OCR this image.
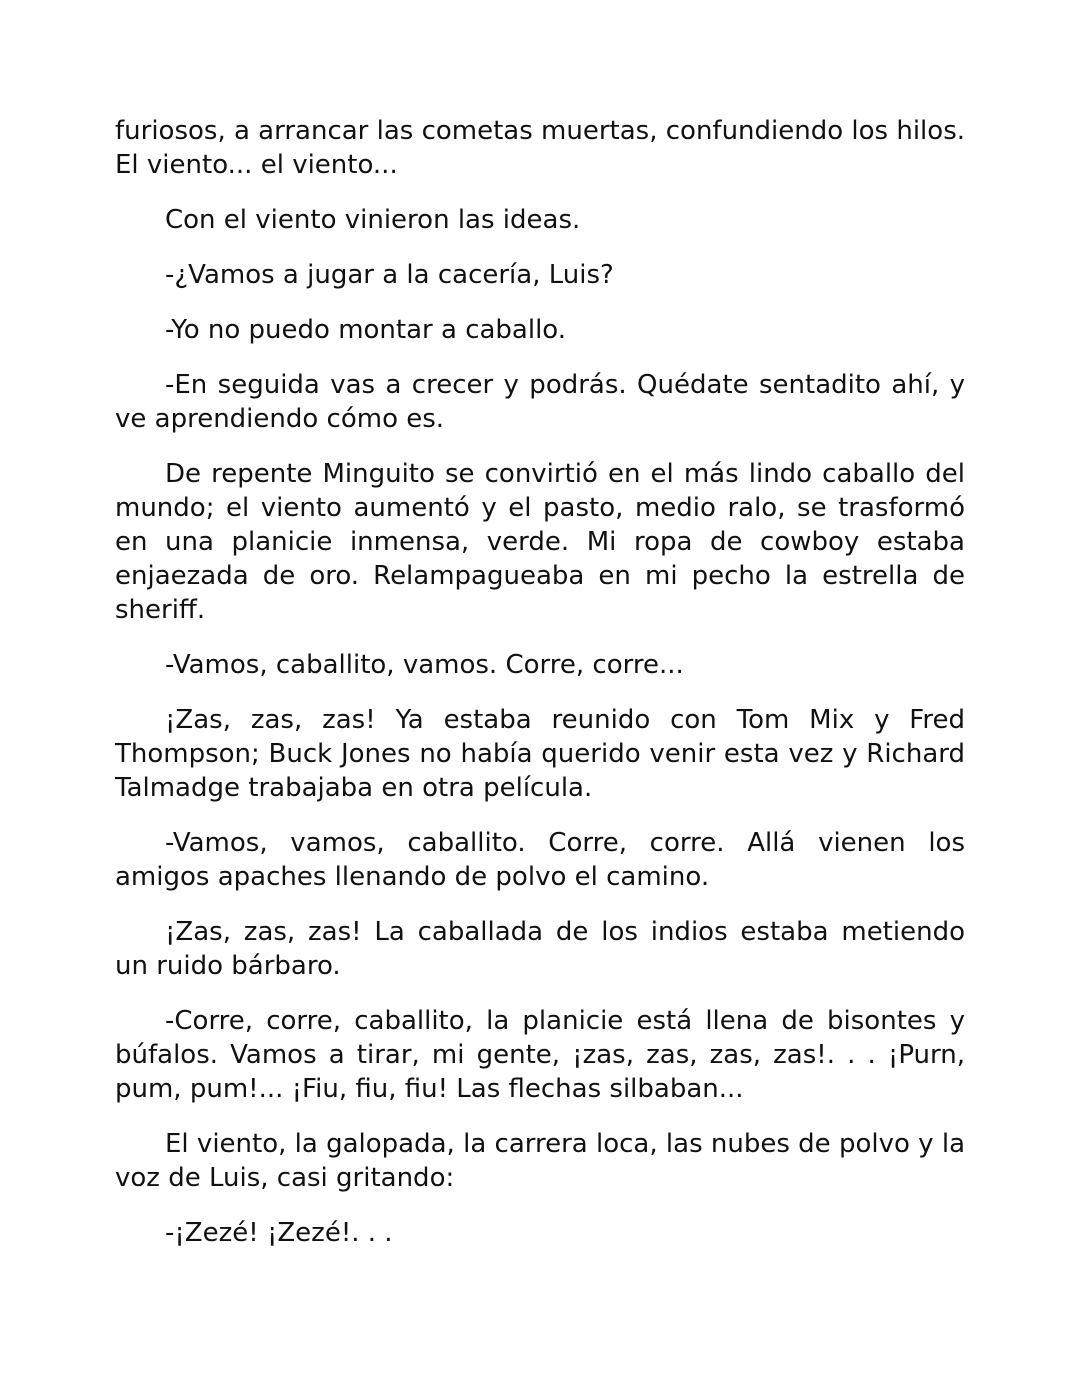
furiosos, a arrancar las cometas muertas, confundiendo los hilos. El viento... el viento...

Con el viento vinieron las ideas.

-¿Vamos a jugar a la cacería, Luis?

-Yo no puedo montar a caballo.

-En seguida vas a crecer y podrás. Quédate sentadito ahí, y ve aprendiendo cómo es.

De repente Minguito se convirtió en el más lindo caballo del mundo; el viento aumentó y el pasto, medio ralo, se trasformó en una planicie inmensa, verde. Mi ropa de cowboy estaba enjaezada de oro. Relampagueaba en mi pecho la estrella de sheriff.

-Vamos, caballito, vamos. Corre, corre...

¡Zas, zas, zas! Ya estaba reunido con Tom Mix y Fred Thompson; Buck Jones no había querido venir esta vez y Richard Talmadge trabajaba en otra película.

-Vamos, vamos, caballito. Corre, corre. Allá vienen los amigos apaches llenando de polvo el camino.

¡Zas, zas, zas! La caballada de los indios estaba metiendo un ruido bárbaro.

-Corre, corre, caballito, la planicie está llena de bisontes y búfalos. Vamos a tirar, mi gente, ¡zas, zas, zas, zas!. . . ¡Purn, pum, pum!... ¡Fiu, fiu, fiu! Las flechas silbaban...

El viento, la galopada, la carrera loca, las nubes de polvo y la voz de Luis, casi gritando:

-¡Zezé! ¡Zezé!. . .
